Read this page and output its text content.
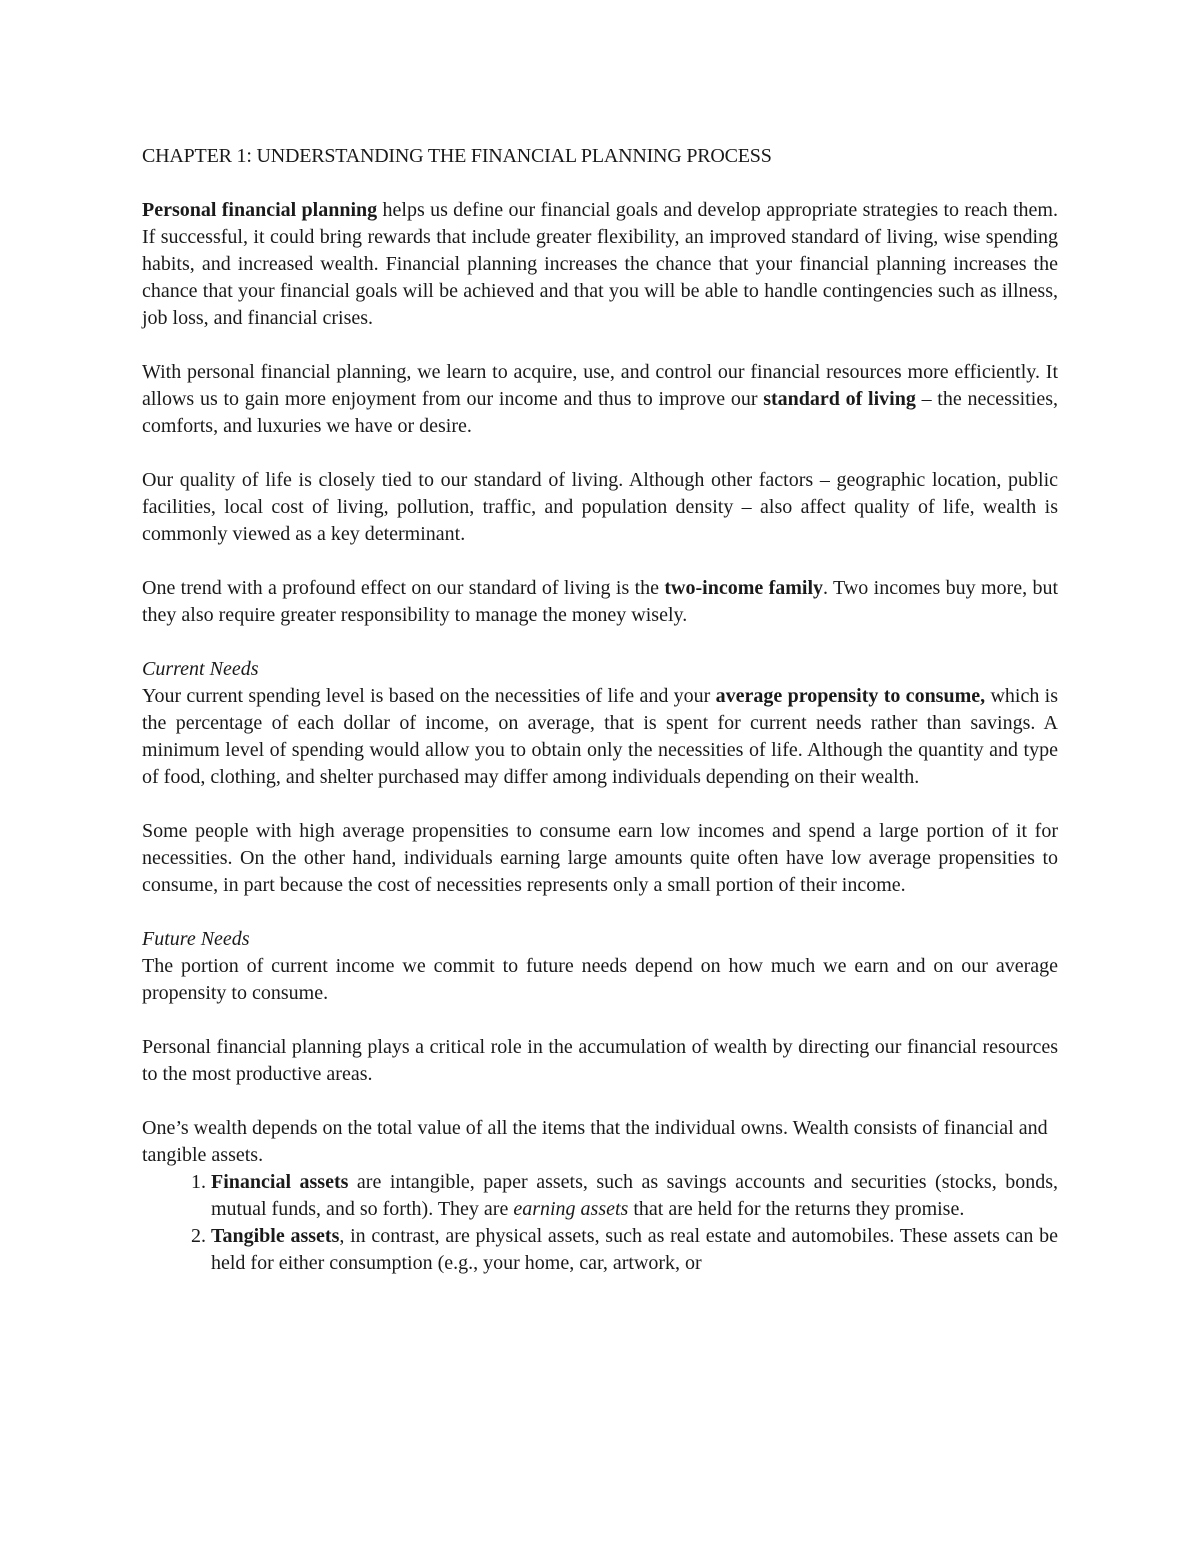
CHAPTER 1: UNDERSTANDING THE FINANCIAL PLANNING PROCESS

Personal financial planning helps us define our financial goals and develop appropriate strategies to reach them. If successful, it could bring rewards that include greater flexibility, an improved standard of living, wise spending habits, and increased wealth. Financial planning increases the chance that your financial planning increases the chance that your financial goals will be achieved and that you will be able to handle contingencies such as illness, job loss, and financial crises.

With personal financial planning, we learn to acquire, use, and control our financial resources more efficiently. It allows us to gain more enjoyment from our income and thus to improve our standard of living – the necessities, comforts, and luxuries we have or desire.

Our quality of life is closely tied to our standard of living. Although other factors – geographic location, public facilities, local cost of living, pollution, traffic, and population density – also affect quality of life, wealth is commonly viewed as a key determinant.

One trend with a profound effect on our standard of living is the two-income family. Two incomes buy more, but they also require greater responsibility to manage the money wisely.

Current Needs
Your current spending level is based on the necessities of life and your average propensity to consume, which is the percentage of each dollar of income, on average, that is spent for current needs rather than savings. A minimum level of spending would allow you to obtain only the necessities of life. Although the quantity and type of food, clothing, and shelter purchased may differ among individuals depending on their wealth.

Some people with high average propensities to consume earn low incomes and spend a large portion of it for necessities. On the other hand, individuals earning large amounts quite often have low average propensities to consume, in part because the cost of necessities represents only a small portion of their income.

Future Needs
The portion of current income we commit to future needs depend on how much we earn and on our average propensity to consume.

Personal financial planning plays a critical role in the accumulation of wealth by directing our financial resources to the most productive areas.

One’s wealth depends on the total value of all the items that the individual owns. Wealth consists of financial and tangible assets.

1. Financial assets are intangible, paper assets, such as savings accounts and securities (stocks, bonds, mutual funds, and so forth). They are earning assets that are held for the returns they promise.
2. Tangible assets, in contrast, are physical assets, such as real estate and automobiles. These assets can be held for either consumption (e.g., your home, car, artwork, or
